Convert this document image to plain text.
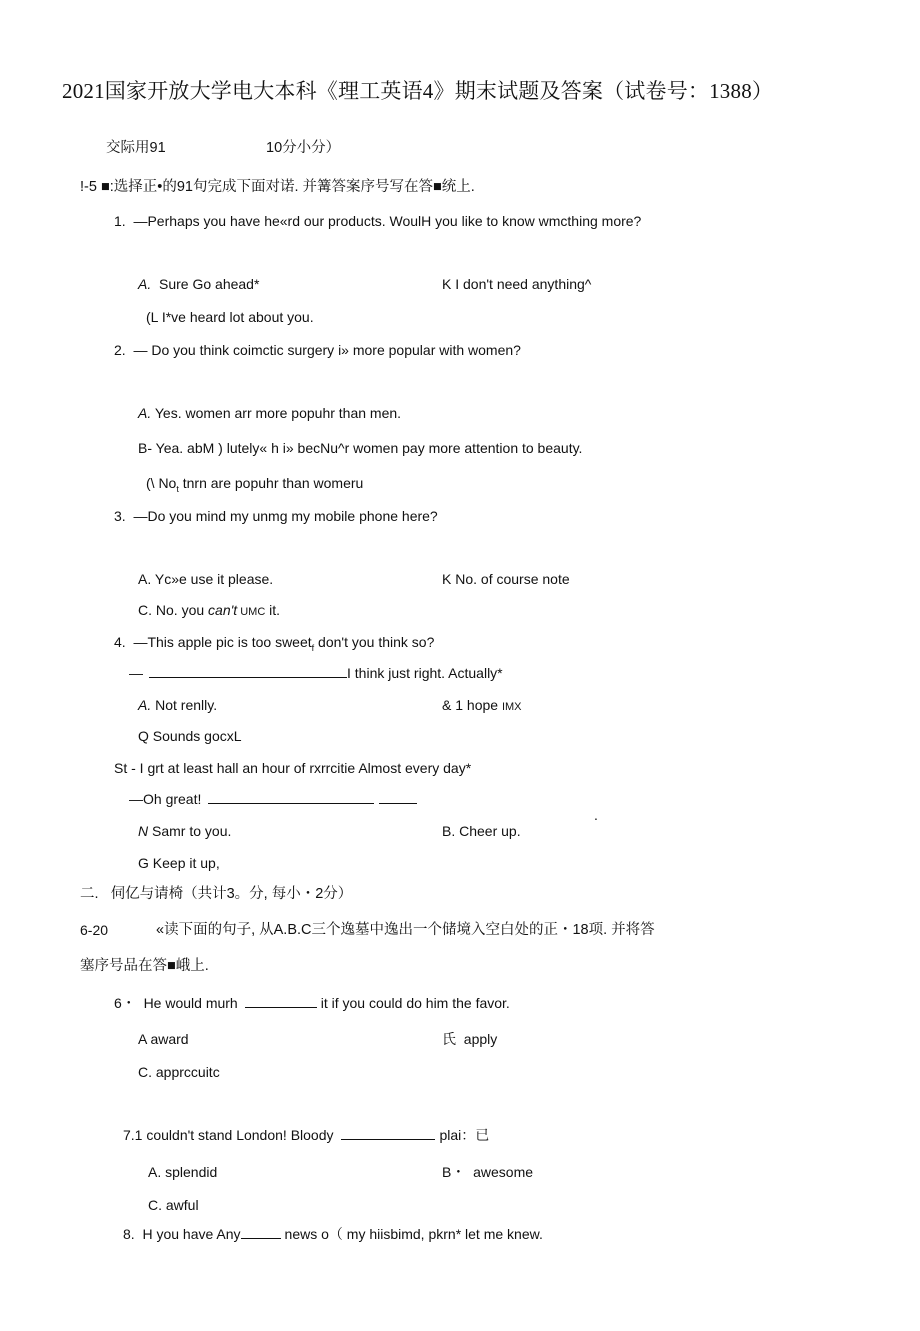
2021国家开放大学电大本科《理工英语4》期末试题及答案（试卷号：1388）
交际用91	10分小分）
!-5 ■:选择正•的91句完成下面对诺. 并篝答案序号写在答■统上.
1.  —Perhaps you have he«rd our products. WoulH you like to know wmcthing more?
A.  Sure Go ahead*	K I don't need anything^
(L I*ve heard lot about you.
2.  — Do you think coimctic surgery i» more popular with women?
A. Yes. women arr more popuhr than men.
B- Yea. abM ) lutely« h i» becNu^r women pay more attention to beauty.
(\ $No_t$ tnrn are popuhr than womeru
3.  —Do you mind my unmg my mobile phone here?
A. Yc»e use it please.	K No. of course note
C. No. you can't UMC it.
4.  —This apple pic is too sweet$_f$ don't you think so?
—	I think just right. Actually*
A. Not renlly.	& 1 hope IMX
Q Sounds gocxL
St - I grt at least hall an hour of rxrrcitie Almost every day*
—Oh great!
.
N Samr to you.	B. Cheer up.
G Keep it up,
二.   伺亿与请椅（共计3。分, 每小・2分）
6-20	«读下面的句子, 从A.B.C三个逸墓中逸出一个储境入空白处的正・18项. 并将答
塞序号品在答■峨上.
6・  He would murh	it if you could do him the favor.
A award	氏  apply
C. apprccuitc
7.1 couldn't stand London! Bloody	plai：已
A. splendid	B・  awesome
C. awful
8.  H you have Any	news o（ my hiisbimd, pkrn* let me knew.
